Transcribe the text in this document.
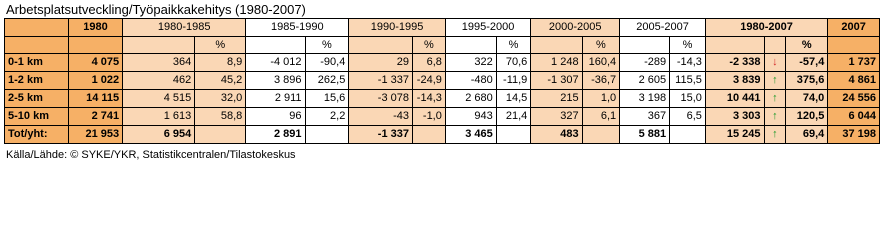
Arbetsplatsutveckling/Työpaikkakehitys (1980-2007)
	1980	1980-1985		1985-1990		1990-1995		1995-2000		2000-2005		2005-2007		1980-2007			2007
			%		%		%		%		%		%			%	
0-1 km	4 075	364	8,9	-4 012	-90,4	29	6,8	322	70,6	1 248	160,4	-289	-14,3	-2 338	↓	-57,4	1 737
1-2 km	1 022	462	45,2	3 896	262,5	-1 337	-24,9	-480	-11,9	-1 307	-36,7	2 605	115,5	3 839	↑	375,6	4 861
2-5 km	14 115	4 515	32,0	2 911	15,6	-3 078	-14,3	2 680	14,5	215	1,0	3 198	15,0	10 441	↑	74,0	24 556
5-10 km	2 741	1 613	58,8	96	2,2	-43	-1,0	943	21,4	327	6,1	367	6,5	3 303	↑	120,5	6 044
Tot/yht:	21 953	6 954		2 891		-1 337		3 465		483		5 881		15 245	↑	69,4	37 198
Källa/Lähde: © SYKE/YKR, Statistikcentralen/Tilastokeskus
